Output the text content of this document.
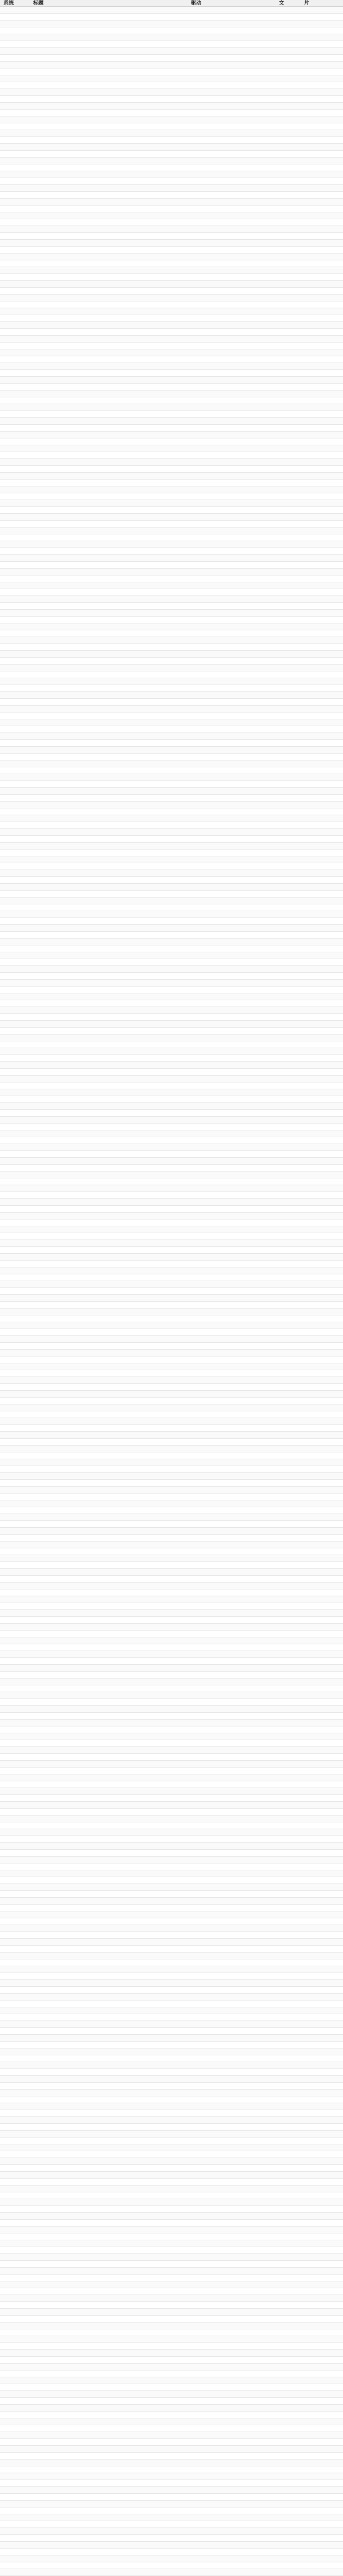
系统	标题	驱动	文	片
